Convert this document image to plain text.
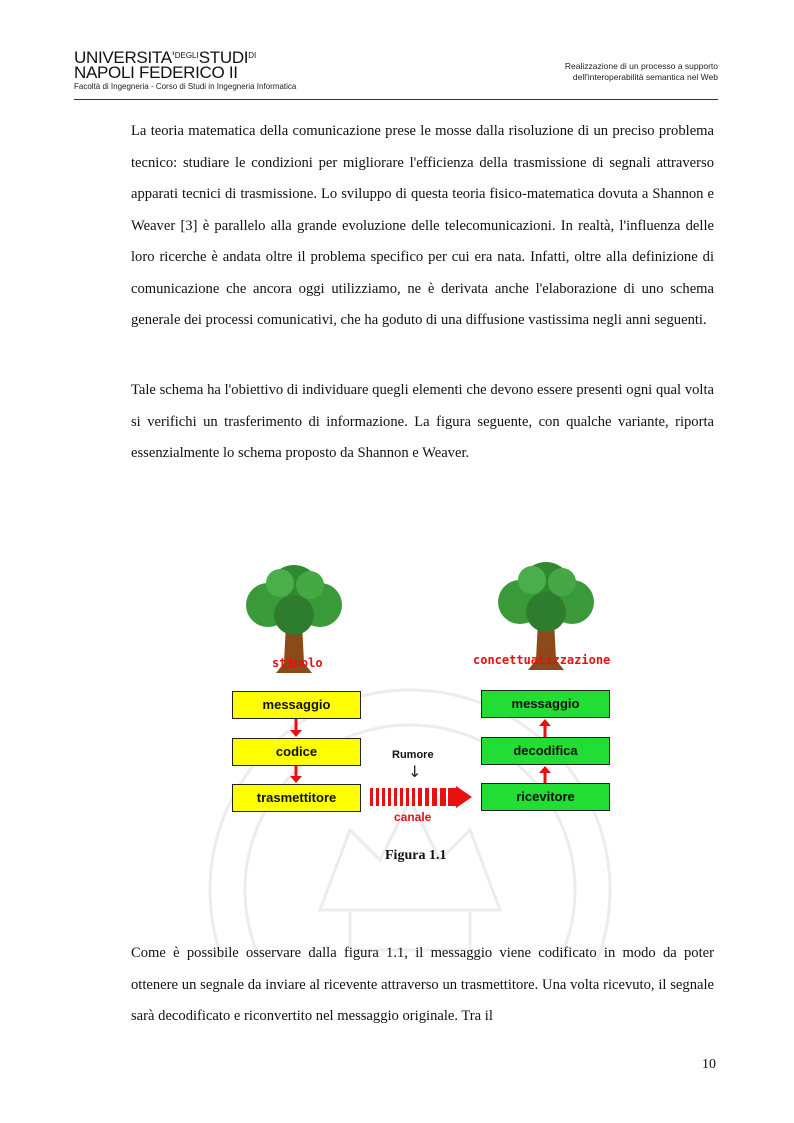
$UNIVERSITA'^{DEGLI}STUDI^{DI}$
NAPOLI FEDERICO II
Facoltà di Ingegneria - Corso di Studi in Ingegneria Informatica
Realizzazione di un processo a supporto
dell'interoperabilità semantica nel Web
La teoria matematica della comunicazione prese le mosse dalla risoluzione di un preciso problema tecnico: studiare le condizioni per migliorare l'efficienza della trasmissione di segnali attraverso apparati tecnici di trasmissione. Lo sviluppo di questa teoria fisico-matematica dovuta a Shannon e Weaver [3] è parallelo alla grande evoluzione delle telecomunicazioni. In realtà, l'influenza delle loro ricerche è andata oltre il problema specifico per cui era nata. Infatti, oltre alla definizione di comunicazione che ancora oggi utilizziamo, ne è derivata anche l'elaborazione di uno schema generale dei processi comunicativi, che ha goduto di una diffusione vastissima negli anni seguenti.
Tale schema ha l'obiettivo di individuare quegli elementi che devono essere presenti ogni qual volta si verifichi un trasferimento di informazione. La figura seguente, con qualche variante, riporta essenzialmente lo schema proposto da Shannon e Weaver.
stimolo	concettualizzazione
messaggio
codice
trasmettitore
messaggio
decodifica
ricevitore
Rumore
↓
canale
Figura 1.1
Come è possibile osservare dalla figura 1.1, il messaggio viene codificato in modo da poter ottenere un segnale da inviare al ricevente attraverso un trasmettitore. Una volta ricevuto, il segnale sarà decodificato e riconvertito nel messaggio originale. Tra il
10
